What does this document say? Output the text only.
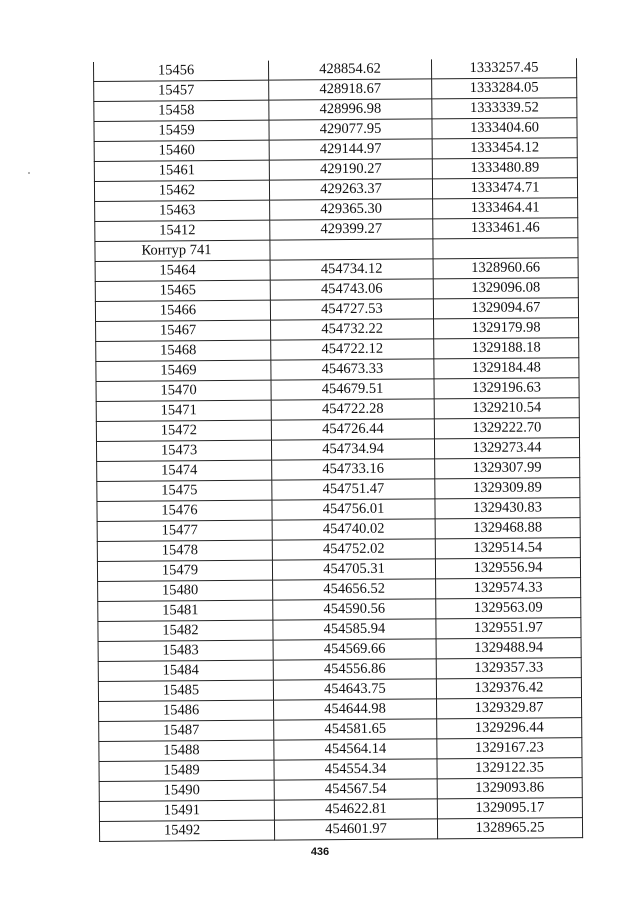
15456	428854.62	1333257.45
15457	428918.67	1333284.05
15458	428996.98	1333339.52
15459	429077.95	1333404.60
15460	429144.97	1333454.12
15461	429190.27	1333480.89
15462	429263.37	1333474.71
15463	429365.30	1333464.41
15412	429399.27	1333461.46
Контур 741		
15464	454734.12	1328960.66
15465	454743.06	1329096.08
15466	454727.53	1329094.67
15467	454732.22	1329179.98
15468	454722.12	1329188.18
15469	454673.33	1329184.48
15470	454679.51	1329196.63
15471	454722.28	1329210.54
15472	454726.44	1329222.70
15473	454734.94	1329273.44
15474	454733.16	1329307.99
15475	454751.47	1329309.89
15476	454756.01	1329430.83
15477	454740.02	1329468.88
15478	454752.02	1329514.54
15479	454705.31	1329556.94
15480	454656.52	1329574.33
15481	454590.56	1329563.09
15482	454585.94	1329551.97
15483	454569.66	1329488.94
15484	454556.86	1329357.33
15485	454643.75	1329376.42
15486	454644.98	1329329.87
15487	454581.65	1329296.44
15488	454564.14	1329167.23
15489	454554.34	1329122.35
15490	454567.54	1329093.86
15491	454622.81	1329095.17
15492	454601.97	1328965.25
436
